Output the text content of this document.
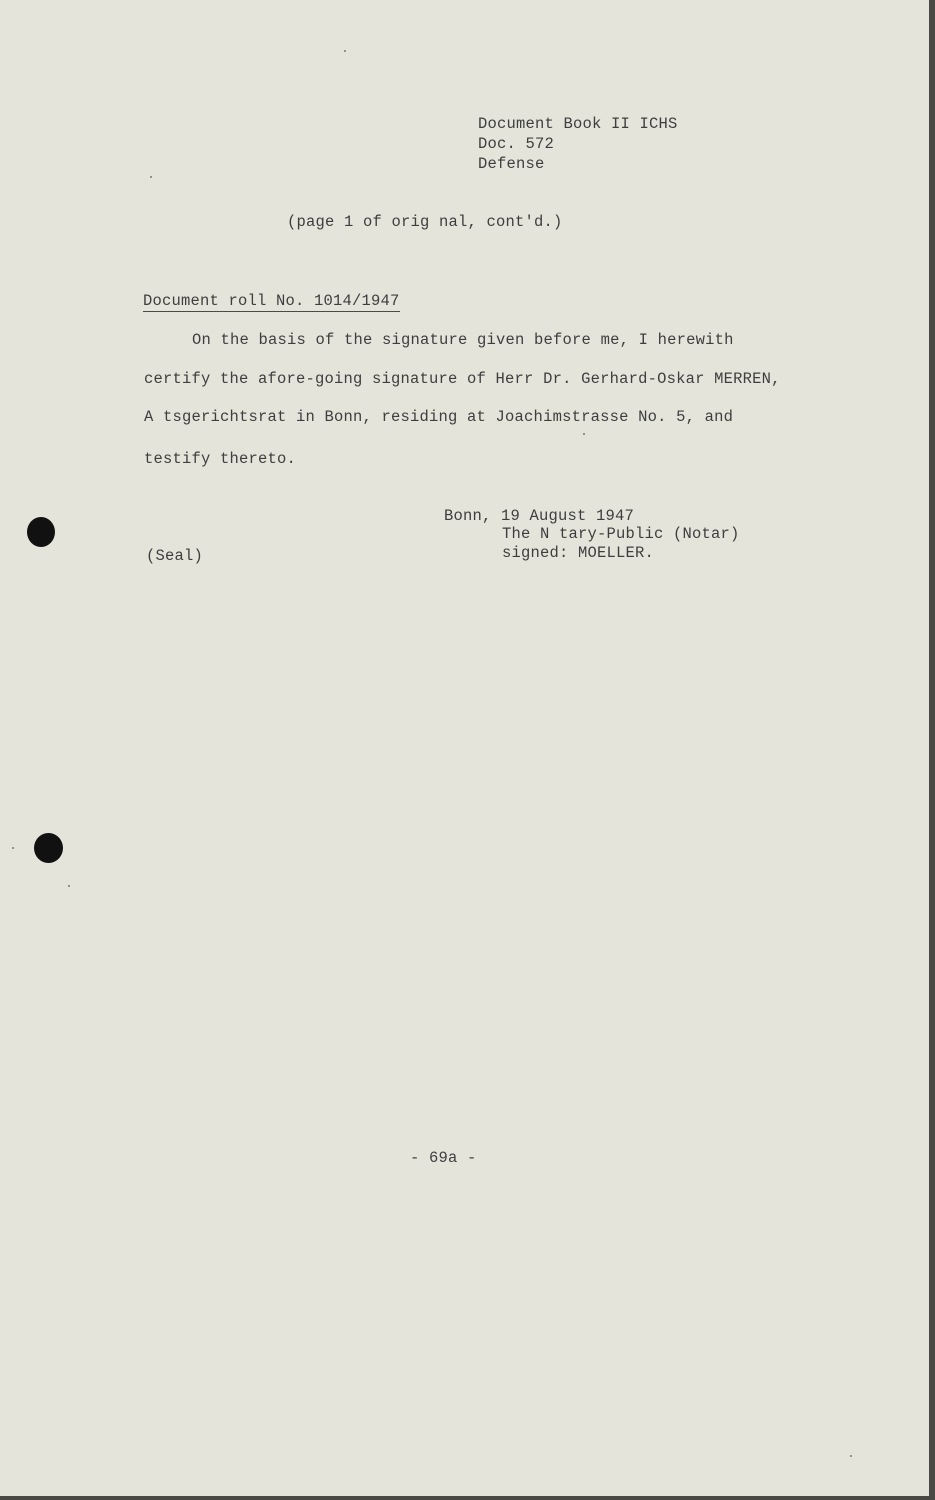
Document Book II ICHS
Doc. 572
Defense
(page 1 of orig nal, cont'd.)
Document roll No. 1014/1947
On the basis of the signature given before me, I herewith
certify the afore-going signature of Herr Dr. Gerhard-Oskar MERREN,
A tsgerichtsrat in Bonn, residing at Joachimstrasse No. 5, and
testify thereto.
Bonn, 19 August 1947
The N tary-Public (Notar)
(Seal)	signed: MOELLER.
- 69a -
